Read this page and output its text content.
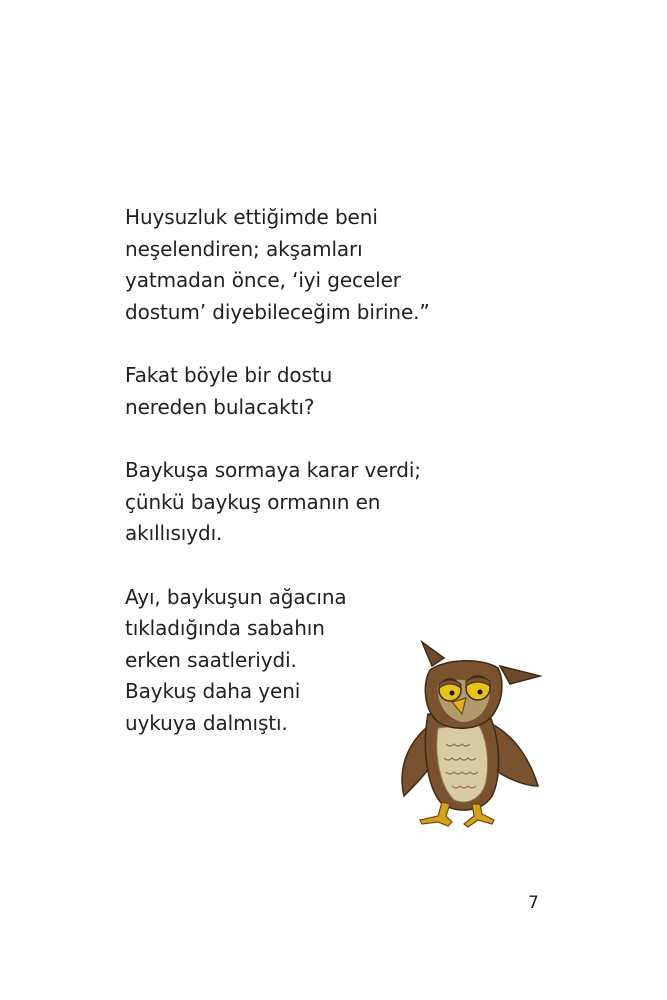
Huysuzluk ettiğimde beni
neşelendiren; akşamları
yatmadan önce, ‘iyi geceler
dostum’ diyebileceğim birine.”

Fakat böyle bir dostu
nereden bulacaktı?

Baykuşa sormaya karar verdi;
çünkü baykuş ormanın en
akıllısıydı.

Ayı, baykuşun ağacına
tıkladığında sabahın
erken saatleriydi.
Baykuş daha yeni
uykuya dalmıştı.

7
